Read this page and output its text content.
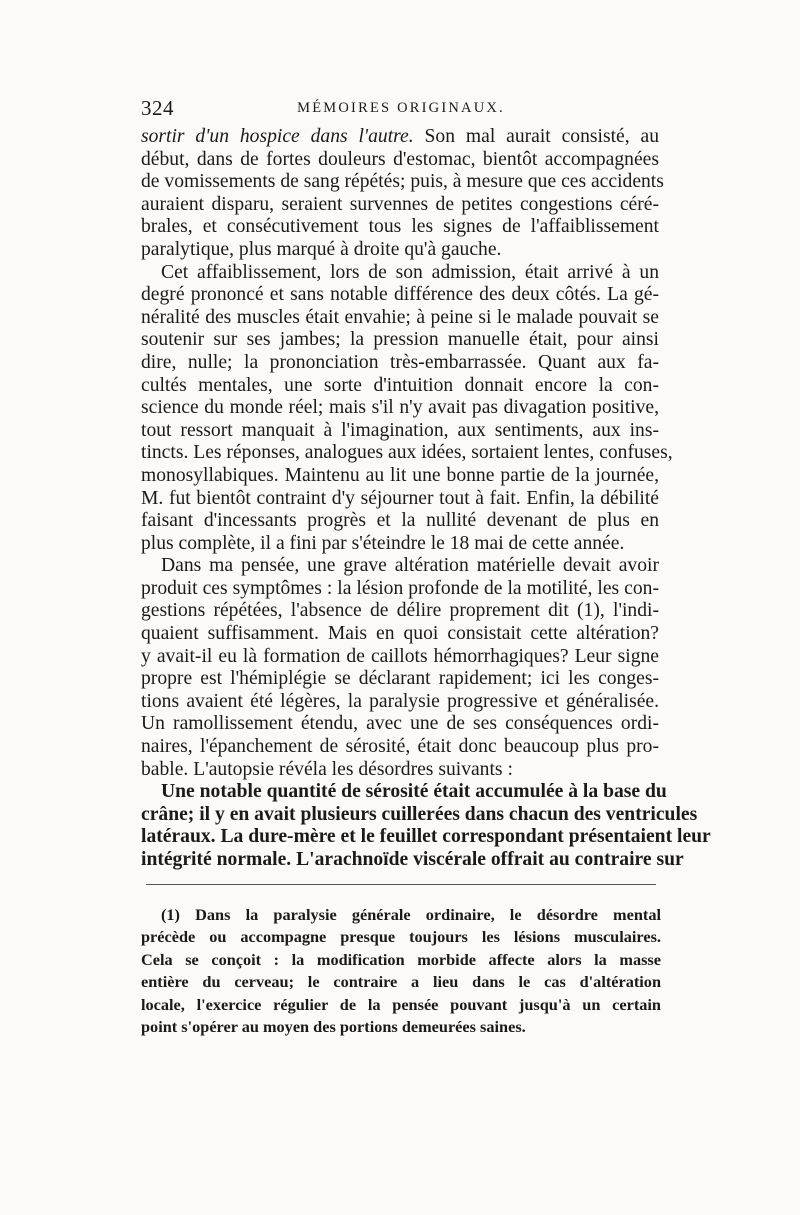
324	MÉMOIRES ORIGINAUX.
sortir d'un hospice dans l'autre. Son mal aurait consisté, au
début, dans de fortes douleurs d'estomac, bientôt accompagnées
de vomissements de sang répétés; puis, à mesure que ces accidents
auraient disparu, seraient survennes de petites congestions céré-
brales, et consécutivement tous les signes de l'affaiblissement
paralytique, plus marqué à droite qu'à gauche.
Cet affaiblissement, lors de son admission, était arrivé à un
degré prononcé et sans notable différence des deux côtés. La gé-
néralité des muscles était envahie; à peine si le malade pouvait se
soutenir sur ses jambes; la pression manuelle était, pour ainsi
dire, nulle; la prononciation très-embarrassée. Quant aux fa-
cultés mentales, une sorte d'intuition donnait encore la con-
science du monde réel; mais s'il n'y avait pas divagation positive,
tout ressort manquait à l'imagination, aux sentiments, aux ins-
tincts. Les réponses, analogues aux idées, sortaient lentes, confuses,
monosyllabiques. Maintenu au lit une bonne partie de la journée,
M. fut bientôt contraint d'y séjourner tout à fait. Enfin, la débilité
faisant d'incessants progrès et la nullité devenant de plus en
plus complète, il a fini par s'éteindre le 18 mai de cette année.
Dans ma pensée, une grave altération matérielle devait avoir
produit ces symptômes : la lésion profonde de la motilité, les con-
gestions répétées, l'absence de délire proprement dit (1), l'indi-
quaient suffisamment. Mais en quoi consistait cette altération?
y avait-il eu là formation de caillots hémorrhagiques? Leur signe
propre est l'hémiplégie se déclarant rapidement; ici les conges-
tions avaient été légères, la paralysie progressive et généralisée.
Un ramollissement étendu, avec une de ses conséquences ordi-
naires, l'épanchement de sérosité, était donc beaucoup plus pro-
bable. L'autopsie révéla les désordres suivants :
Une notable quantité de sérosité était accumulée à la base du
crâne; il y en avait plusieurs cuillerées dans chacun des ventricules
latéraux. La dure-mère et le feuillet correspondant présentaient leur
intégrité normale. L'arachnoïde viscérale offrait au contraire sur
(1) Dans la paralysie générale ordinaire, le désordre mental
précède ou accompagne presque toujours les lésions musculaires.
Cela se conçoit : la modification morbide affecte alors la masse
entière du cerveau; le contraire a lieu dans le cas d'altération
locale, l'exercice régulier de la pensée pouvant jusqu'à un certain
point s'opérer au moyen des portions demeurées saines.
